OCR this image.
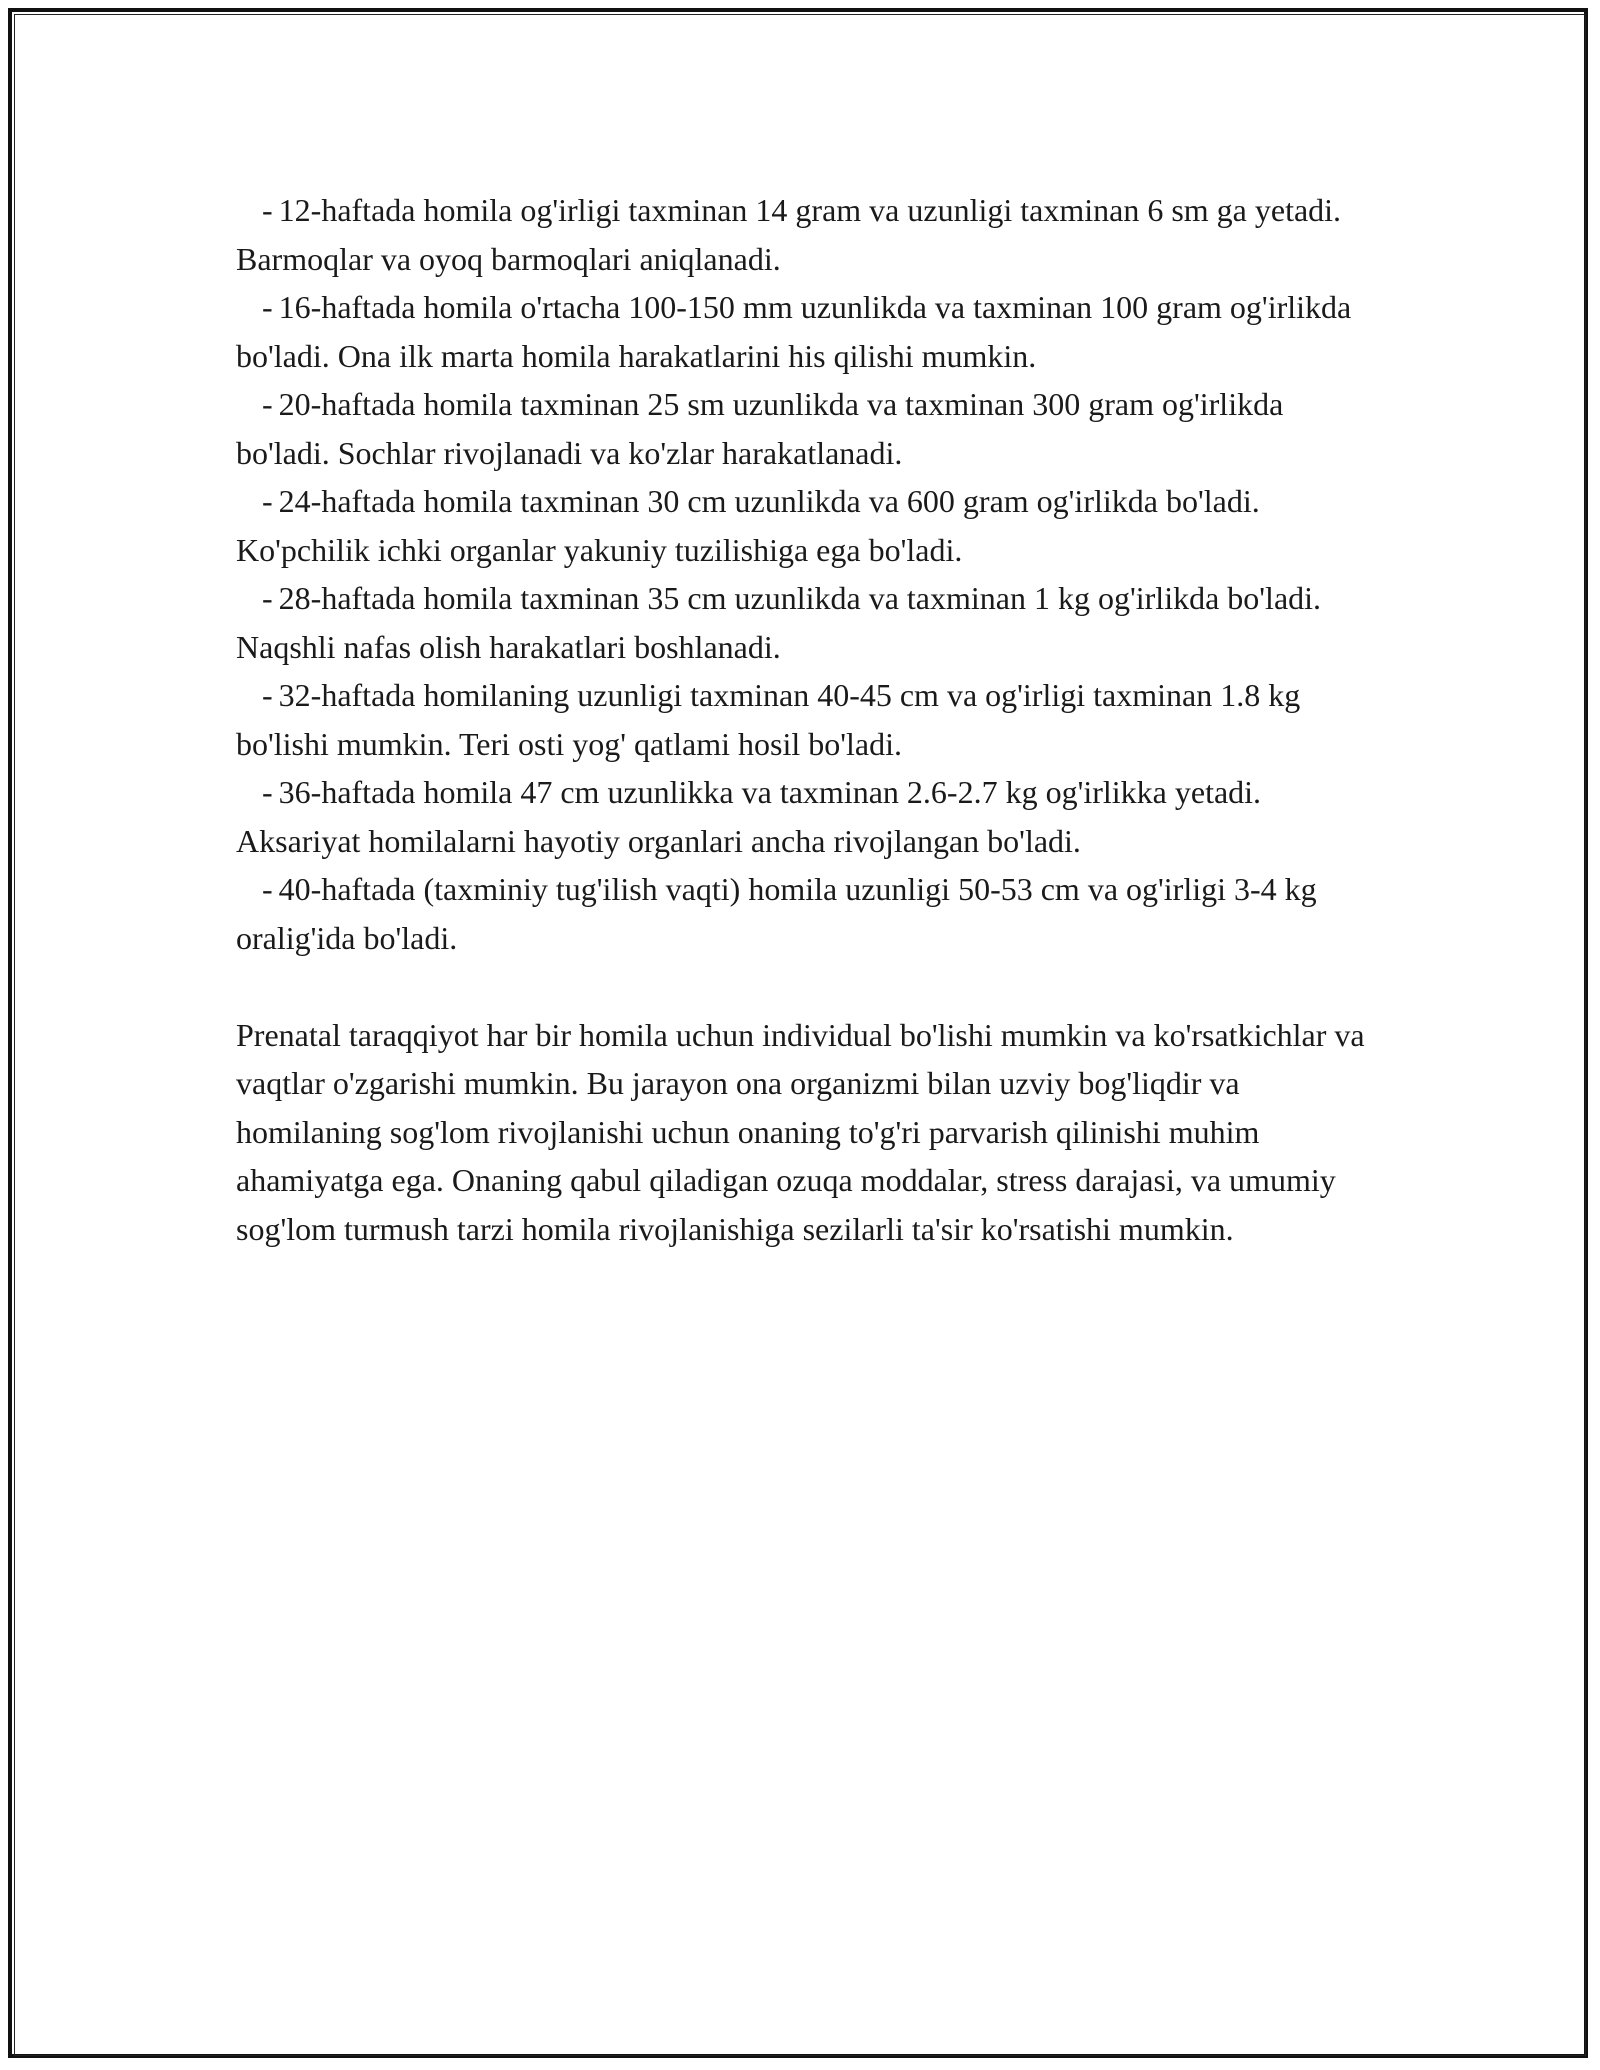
- 12-haftada homila og'irligi taxminan 14 gram va uzunligi taxminan 6 sm ga yetadi. Barmoqlar va oyoq barmoqlari aniqlanadi.

- 16-haftada homila o'rtacha 100-150 mm uzunlikda va taxminan 100 gram og'irlikda bo'ladi. Ona ilk marta homila harakatlarini his qilishi mumkin.

- 20-haftada homila taxminan 25 sm uzunlikda va taxminan 300 gram og'irlikda bo'ladi. Sochlar rivojlanadi va ko'zlar harakatlanadi.

- 24-haftada homila taxminan 30 cm uzunlikda va 600 gram og'irlikda bo'ladi. Ko'pchilik ichki organlar yakuniy tuzilishiga ega bo'ladi.

- 28-haftada homila taxminan 35 cm uzunlikda va taxminan 1 kg og'irlikda bo'ladi. Naqshli nafas olish harakatlari boshlanadi.

- 32-haftada homilaning uzunligi taxminan 40-45 cm va og'irligi taxminan 1.8 kg bo'lishi mumkin. Teri osti yog' qatlami hosil bo'ladi.

- 36-haftada homila 47 cm uzunlikka va taxminan 2.6-2.7 kg og'irlikka yetadi. Aksariyat homilalarni hayotiy organlari ancha rivojlangan bo'ladi.

- 40-haftada (taxminiy tug'ilish vaqti) homila uzunligi 50-53 cm va og'irligi 3-4 kg oralig'ida bo'ladi.

Prenatal taraqqiyot har bir homila uchun individual bo'lishi mumkin va ko'rsatkichlar va vaqtlar o'zgarishi mumkin. Bu jarayon ona organizmi bilan uzviy bog'liqdir va homilaning sog'lom rivojlanishi uchun onaning to'g'ri parvarish qilinishi muhim ahamiyatga ega. Onaning qabul qiladigan ozuqa moddalar, stress darajasi, va umumiy sog'lom turmush tarzi homila rivojlanishiga sezilarli ta'sir ko'rsatishi mumkin.
